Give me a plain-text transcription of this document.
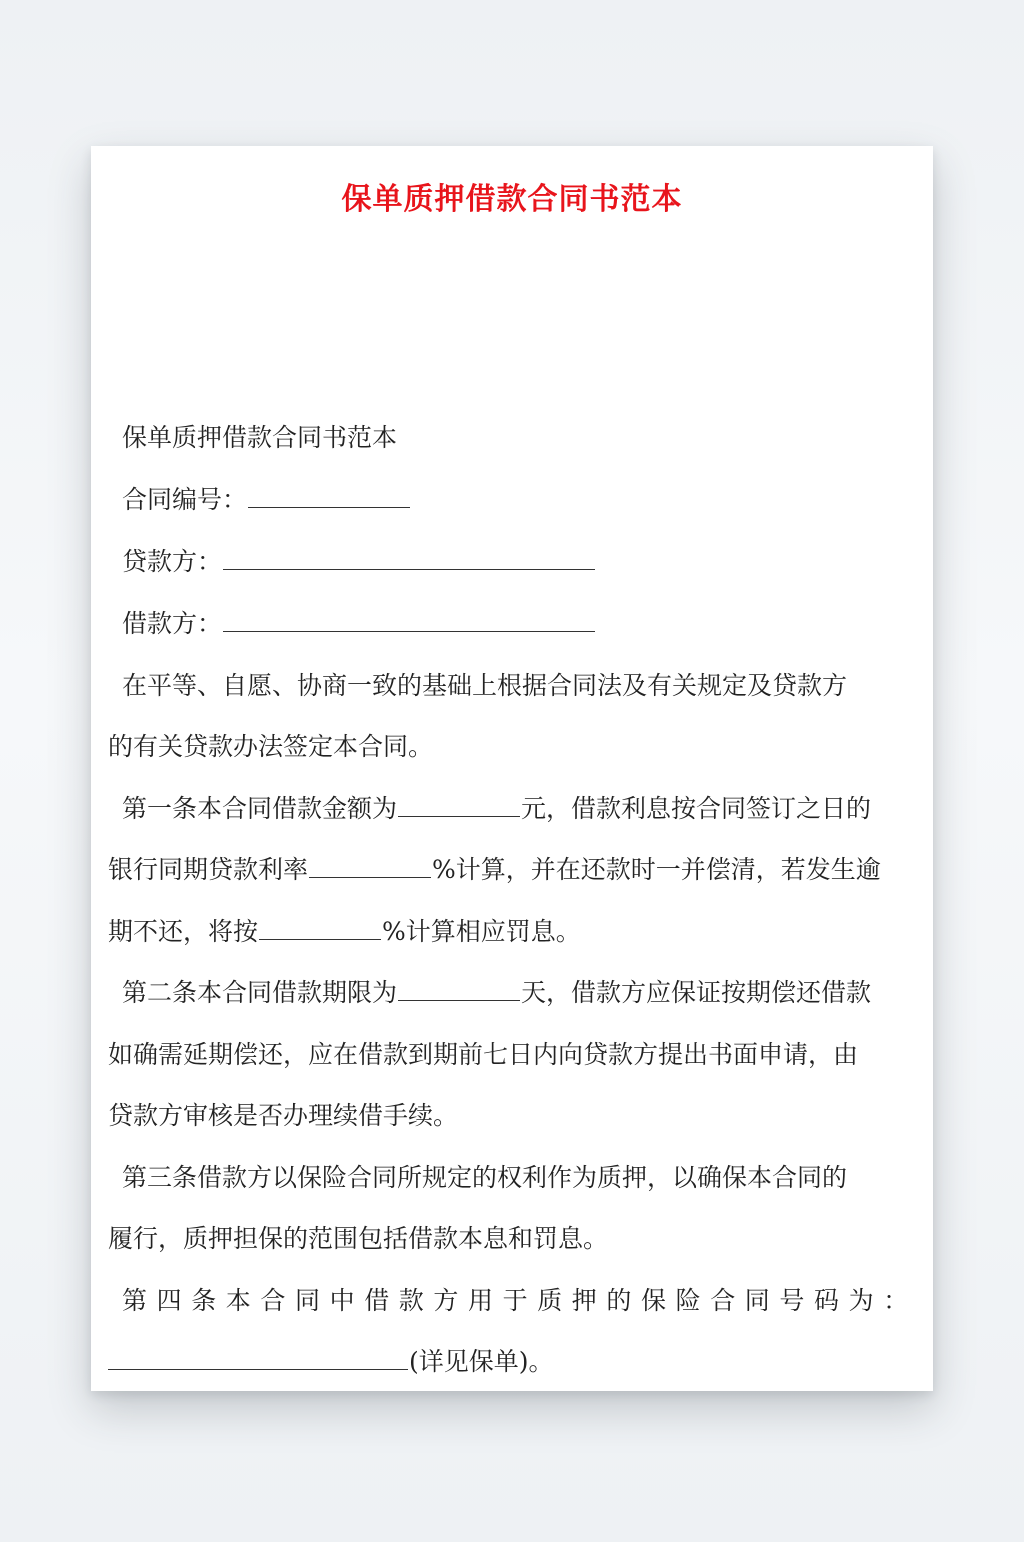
保单质押借款合同书范本
保单质押借款合同书范本
合同编号：
贷款方：
借款方：
在平等、自愿、协商一致的基础上根据合同法及有关规定及贷款方
的有关贷款办法签定本合同。
第一条本合同借款金额为	元，借款利息按合同签订之日的
银行同期贷款利率	%计算，并在还款时一并偿清，若发生逾
期不还，将按	%计算相应罚息。
第二条本合同借款期限为	天，借款方应保证按期偿还借款
如确需延期偿还，应在借款到期前七日内向贷款方提出书面申请，由
贷款方审核是否办理续借手续。
第三条借款方以保险合同所规定的权利作为质押，以确保本合同的
履行，质押担保的范围包括借款本息和罚息。
第四条本合同中借款方用于质押的保险合同号码为：
(详见保单)。
